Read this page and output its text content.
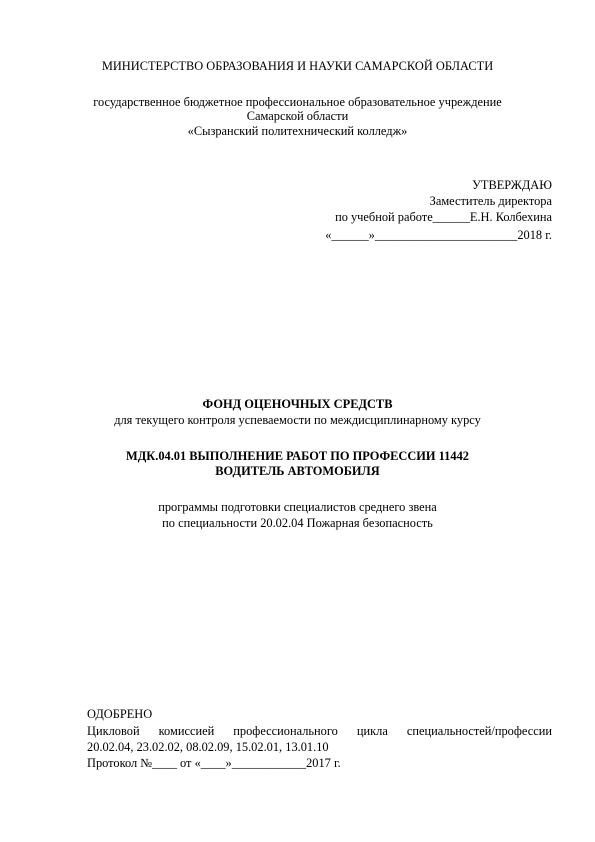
МИНИСТЕРСТВО ОБРАЗОВАНИЯ И НАУКИ САМАРСКОЙ ОБЛАСТИ
государственное бюджетное профессиональное образовательное учреждение
Самарской области
«Сызранский политехнический колледж»
УТВЕРЖДАЮ
Заместитель директора
по учебной работе______Е.Н. Колбехина
«______»_______________________2018 г.
ФОНД ОЦЕНОЧНЫХ СРЕДСТВ
для текущего контроля успеваемости по междисциплинарному курсу
МДК.04.01 ВЫПОЛНЕНИЕ РАБОТ ПО ПРОФЕССИИ 11442
ВОДИТЕЛЬ АВТОМОБИЛЯ
программы подготовки специалистов среднего звена
по специальности 20.02.04 Пожарная безопасность
ОДОБРЕНО
Цикловой комиссией профессионального цикла специальностей/профессии
20.02.04, 23.02.02, 08.02.09, 15.02.01, 13.01.10
Протокол №____ от «____»____________2017 г.
